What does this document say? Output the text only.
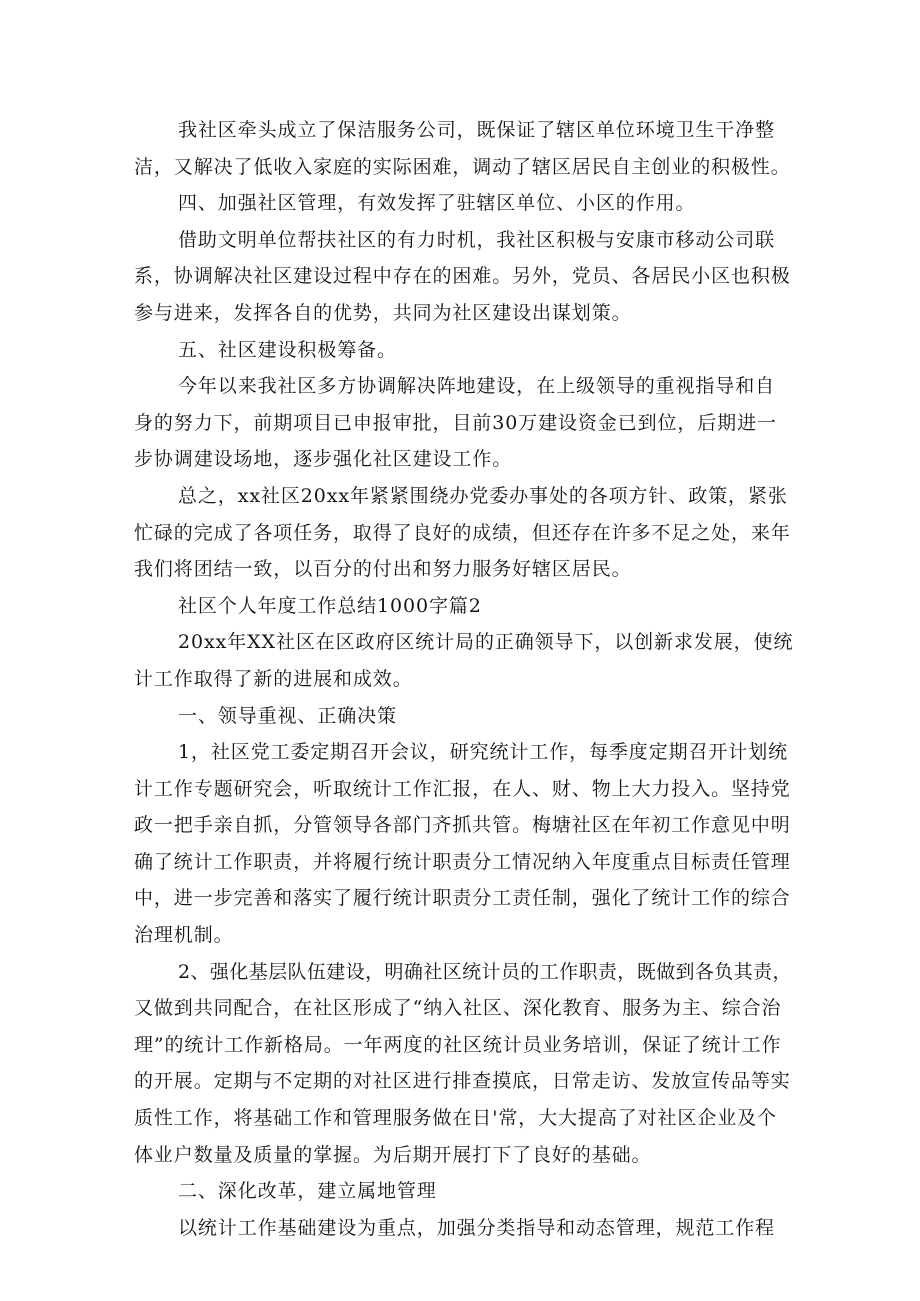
我社区牵头成立了保洁服务公司，既保证了辖区单位环境卫生干净整
洁，又解决了低收入家庭的实际困难，调动了辖区居民自主创业的积极性。
四、加强社区管理，有效发挥了驻辖区单位、小区的作用。
借助文明单位帮扶社区的有力时机，我社区积极与安康市移动公司联
系，协调解决社区建设过程中存在的困难。另外，党员、各居民小区也积极
参与进来，发挥各自的优势，共同为社区建设出谋划策。
五、社区建设积极筹备。
今年以来我社区多方协调解决阵地建设，在上级领导的重视指导和自
身的努力下，前期项目已申报审批，目前30万建设资金已到位，后期进一
步协调建设场地，逐步强化社区建设工作。
总之，xx社区20xx年紧紧围绕办党委办事处的各项方针、政策，紧张
忙碌的完成了各项任务，取得了良好的成绩，但还存在许多不足之处，来年
我们将团结一致，以百分的付出和努力服务好辖区居民。
社区个人年度工作总结1000字篇2
20xx年XX社区在区政府区统计局的正确领导下，以创新求发展，使统
计工作取得了新的进展和成效。
一、领导重视、正确决策
1，社区党工委定期召开会议，研究统计工作，每季度定期召开计划统
计工作专题研究会，听取统计工作汇报，在人、财、物上大力投入。坚持党
政一把手亲自抓，分管领导各部门齐抓共管。梅塘社区在年初工作意见中明
确了统计工作职责，并将履行统计职责分工情况纳入年度重点目标责任管理
中，进一步完善和落实了履行统计职责分工责任制，强化了统计工作的综合
治理机制。
2、强化基层队伍建设，明确社区统计员的工作职责，既做到各负其责，
又做到共同配合，在社区形成了“纳入社区、深化教育、服务为主、综合治
理”的统计工作新格局。一年两度的社区统计员业务培训，保证了统计工作
的开展。定期与不定期的对社区进行排查摸底，日常走访、发放宣传品等实
质性工作，将基础工作和管理服务做在日'常，大大提高了对社区企业及个
体业户数量及质量的掌握。为后期开展打下了良好的基础。
二、深化改革，建立属地管理
以统计工作基础建设为重点，加强分类指导和动态管理，规范工作程
